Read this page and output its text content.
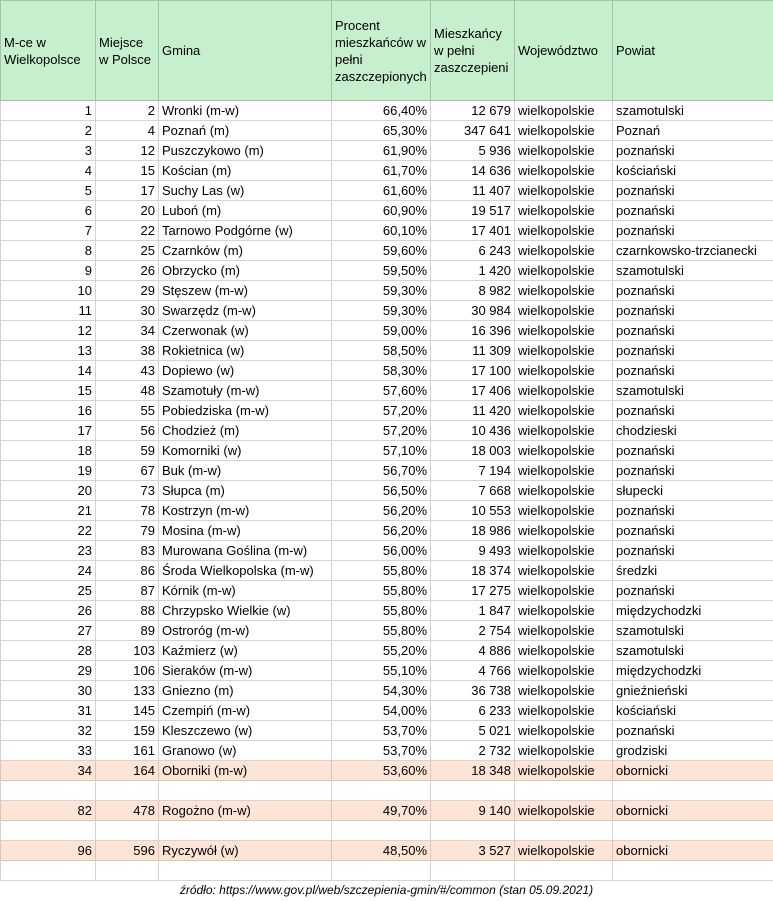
M-ce w Wielkopolsce	Miejsce w Polsce	Gmina	Procent mieszkańców w pełni zaszczepionych	Mieszkańcy w pełni zaszczepieni	Województwo	Powiat
1	2	Wronki (m-w)	66,40%	12 679	wielkopolskie	szamotulski
2	4	Poznań (m)	65,30%	347 641	wielkopolskie	Poznań
3	12	Puszczykowo (m)	61,90%	5 936	wielkopolskie	poznański
4	15	Kościan (m)	61,70%	14 636	wielkopolskie	kościański
5	17	Suchy Las (w)	61,60%	11 407	wielkopolskie	poznański
6	20	Luboń (m)	60,90%	19 517	wielkopolskie	poznański
7	22	Tarnowo Podgórne (w)	60,10%	17 401	wielkopolskie	poznański
8	25	Czarnków (m)	59,60%	6 243	wielkopolskie	czarnkowsko-trzcianecki
9	26	Obrzycko (m)	59,50%	1 420	wielkopolskie	szamotulski
10	29	Stęszew (m-w)	59,30%	8 982	wielkopolskie	poznański
11	30	Swarzędz (m-w)	59,30%	30 984	wielkopolskie	poznański
12	34	Czerwonak (w)	59,00%	16 396	wielkopolskie	poznański
13	38	Rokietnica (w)	58,50%	11 309	wielkopolskie	poznański
14	43	Dopiewo (w)	58,30%	17 100	wielkopolskie	poznański
15	48	Szamotuły (m-w)	57,60%	17 406	wielkopolskie	szamotulski
16	55	Pobiedziska (m-w)	57,20%	11 420	wielkopolskie	poznański
17	56	Chodzież (m)	57,20%	10 436	wielkopolskie	chodzieski
18	59	Komorniki (w)	57,10%	18 003	wielkopolskie	poznański
19	67	Buk (m-w)	56,70%	7 194	wielkopolskie	poznański
20	73	Słupca (m)	56,50%	7 668	wielkopolskie	słupecki
21	78	Kostrzyn (m-w)	56,20%	10 553	wielkopolskie	poznański
22	79	Mosina (m-w)	56,20%	18 986	wielkopolskie	poznański
23	83	Murowana Goślina (m-w)	56,00%	9 493	wielkopolskie	poznański
24	86	Środa Wielkopolska (m-w)	55,80%	18 374	wielkopolskie	średzki
25	87	Kórnik (m-w)	55,80%	17 275	wielkopolskie	poznański
26	88	Chrzypsko Wielkie (w)	55,80%	1 847	wielkopolskie	międzychodzki
27	89	Ostroróg (m-w)	55,80%	2 754	wielkopolskie	szamotulski
28	103	Kaźmierz (w)	55,20%	4 886	wielkopolskie	szamotulski
29	106	Sieraków (m-w)	55,10%	4 766	wielkopolskie	międzychodzki
30	133	Gniezno (m)	54,30%	36 738	wielkopolskie	gnieźnieński
31	145	Czempiń (m-w)	54,00%	6 233	wielkopolskie	kościański
32	159	Kleszczewo (w)	53,70%	5 021	wielkopolskie	poznański
33	161	Granowo (w)	53,70%	2 732	wielkopolskie	grodziski
34	164	Oborniki (m-w)	53,60%	18 348	wielkopolskie	obornicki

82	478	Rogożno (m-w)	49,70%	9 140	wielkopolskie	obornicki

96	596	Ryczywół (w)	48,50%	3 527	wielkopolskie	obornicki

źródło: https://www.gov.pl/web/szczepienia-gmin/#/common (stan 05.09.2021)
